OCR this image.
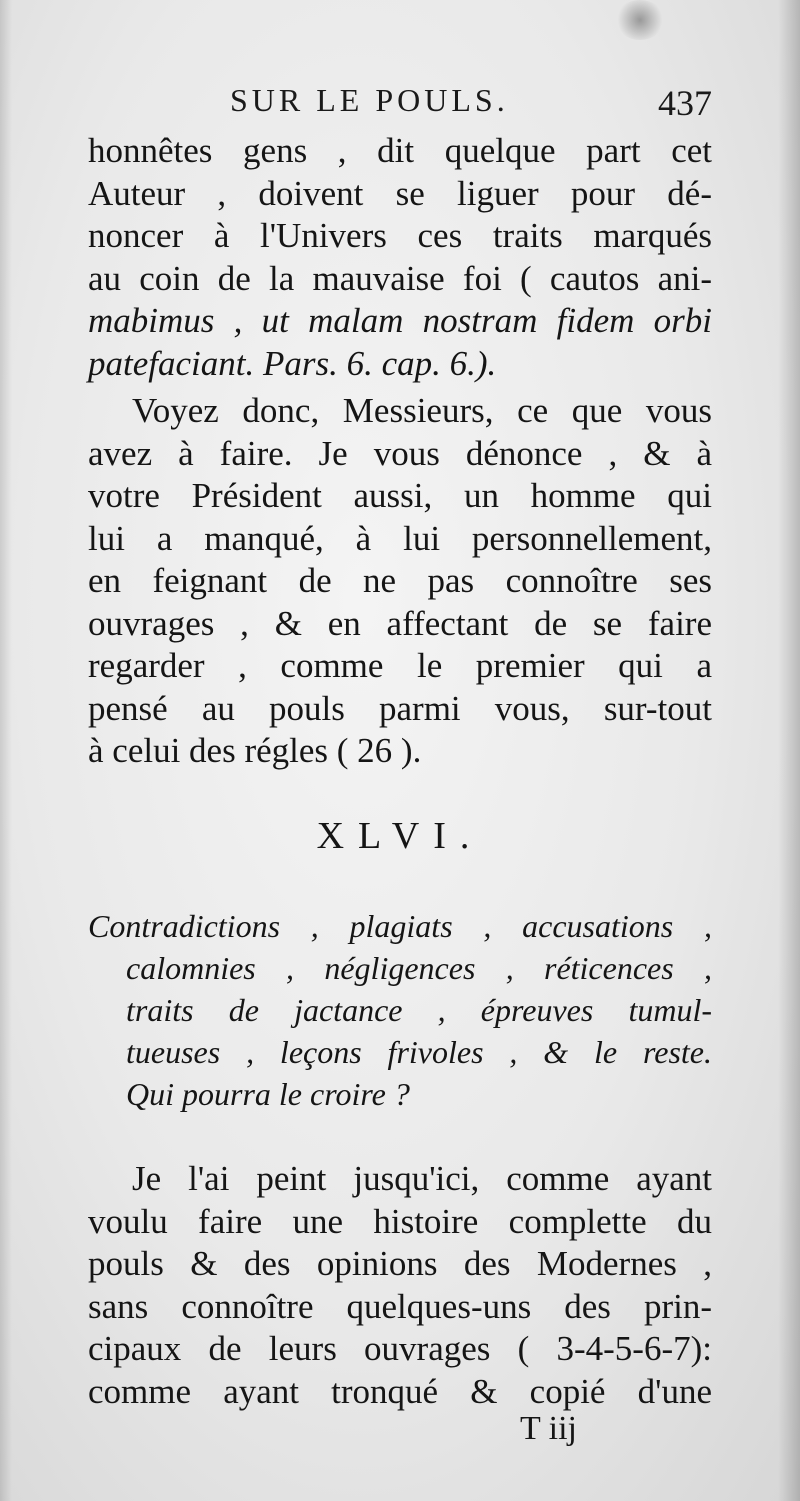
SUR LE POULS.	437
honnêtes gens , dit quelque part cet
Auteur , doivent se liguer pour dé-
noncer à l'Univers ces traits marqués
au coin de la mauvaise foi ( cautos ani-
mabimus , ut malam nostram fidem orbi
patefaciant. Pars. 6. cap. 6.).
Voyez donc, Messieurs, ce que vous
avez à faire. Je vous dénonce , & à
votre Président aussi, un homme qui
lui a manqué, à lui personnellement,
en feignant de ne pas connoître ses
ouvrages , & en affectant de se faire
regarder , comme le premier qui a
pensé au pouls parmi vous, sur-tout
à celui des régles ( 26 ).
XLVI.
Contradictions , plagiats , accusations ,
calomnies , négligences , réticences ,
traits de jactance , épreuves tumul-
tueuses , leçons frivoles , & le reste.
Qui pourra le croire ?
Je l'ai peint jusqu'ici, comme ayant
voulu faire une histoire complette du
pouls & des opinions des Modernes ,
sans connoître quelques-uns des prin-
cipaux de leurs ouvrages ( 3-4-5-6-7):
comme ayant tronqué & copié d'une
T iij
